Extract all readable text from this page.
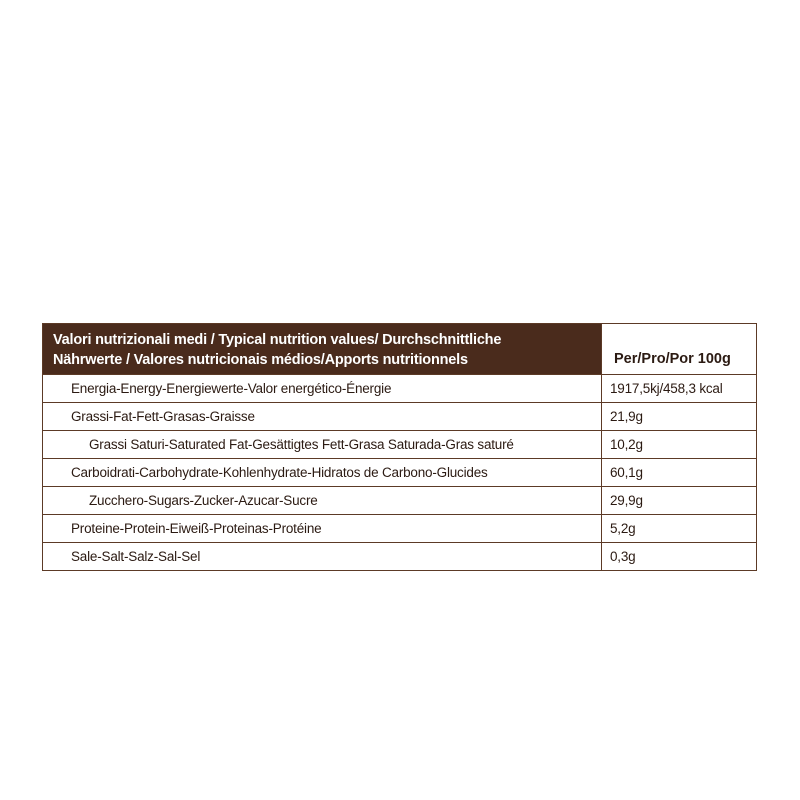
Valori nutrizionali medi / Typical nutrition values/ Durchschnittliche
Nährwerte / Valores nutricionais médios/Apports nutritionnels	Per/Pro/Por 100g
Energia-Energy-Energiewerte-Valor energético-Énergie	1917,5kj/458,3 kcal
Grassi-Fat-Fett-Grasas-Graisse	21,9g
Grassi Saturi-Saturated Fat-Gesättigtes Fett-Grasa Saturada-Gras saturé	10,2g
Carboidrati-Carbohydrate-Kohlenhydrate-Hidratos de Carbono-Glucides	60,1g
Zucchero-Sugars-Zucker-Azucar-Sucre	29,9g
Proteine-Protein-Eiweiß-Proteinas-Protéine	5,2g
Sale-Salt-Salz-Sal-Sel	0,3g
